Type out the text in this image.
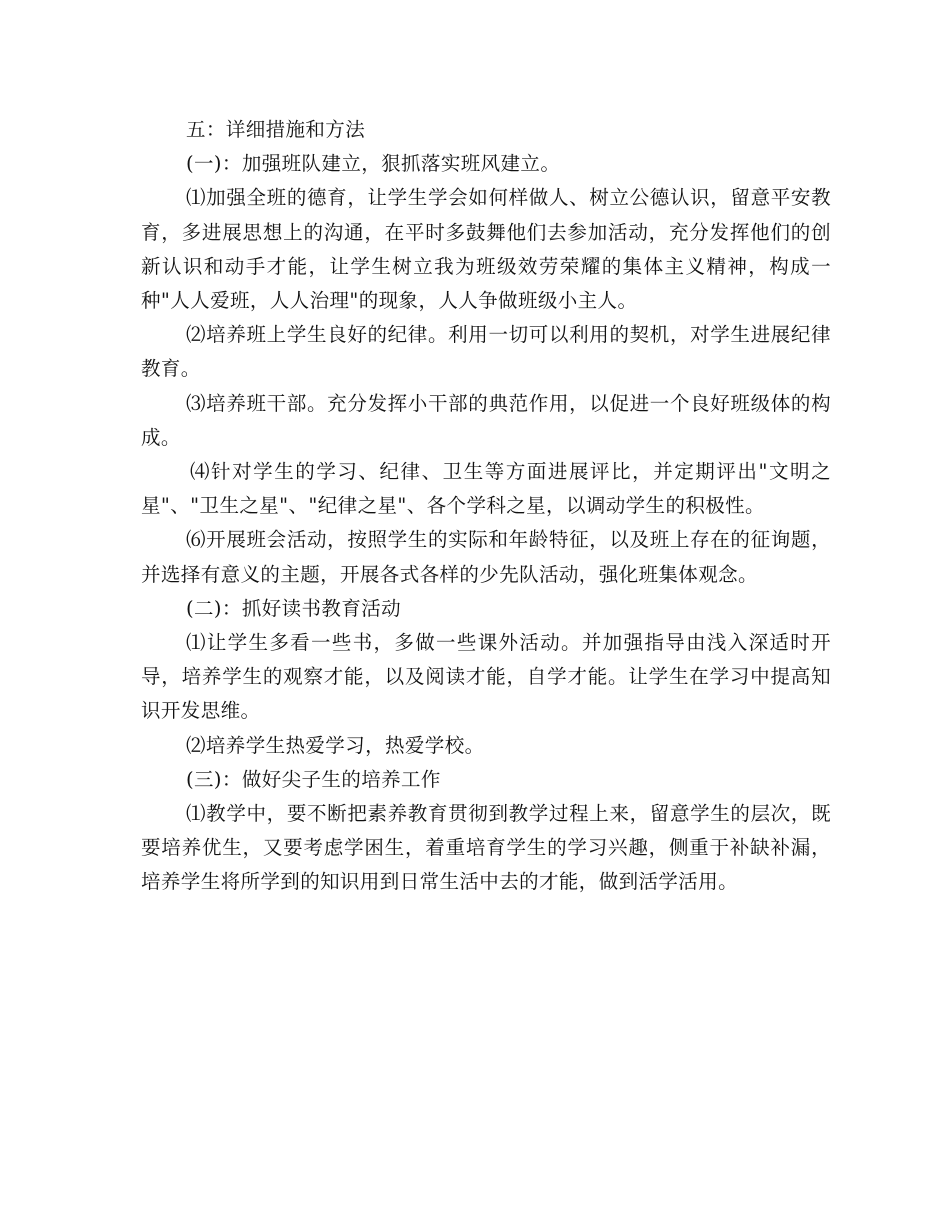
五：详细措施和方法

(一)：加强班队建立，狠抓落实班风建立。

⑴加强全班的德育，让学生学会如何样做人、树立公德认识，留意平安教育，多进展思想上的沟通，在平时多鼓舞他们去参加活动，充分发挥他们的创新认识和动手才能，让学生树立我为班级效劳荣耀的集体主义精神，构成一种"人人爱班，人人治理"的现象，人人争做班级小主人。

⑵培养班上学生良好的纪律。利用一切可以利用的契机，对学生进展纪律教育。

⑶培养班干部。充分发挥小干部的典范作用，以促进一个良好班级体的构成。

⑷针对学生的学习、纪律、卫生等方面进展评比，并定期评出"文明之星"、"卫生之星"、"纪律之星"、各个学科之星，以调动学生的积极性。

⑹开展班会活动，按照学生的实际和年龄特征，以及班上存在的征询题，并选择有意义的主题，开展各式各样的少先队活动，强化班集体观念。

(二)：抓好读书教育活动

⑴让学生多看一些书，多做一些课外活动。并加强指导由浅入深适时开导，培养学生的观察才能，以及阅读才能，自学才能。让学生在学习中提高知识开发思维。

⑵培养学生热爱学习，热爱学校。

(三)：做好尖子生的培养工作

⑴教学中，要不断把素养教育贯彻到教学过程上来，留意学生的层次，既要培养优生，又要考虑学困生，着重培育学生的学习兴趣，侧重于补缺补漏，培养学生将所学到的知识用到日常生活中去的才能，做到活学活用。
